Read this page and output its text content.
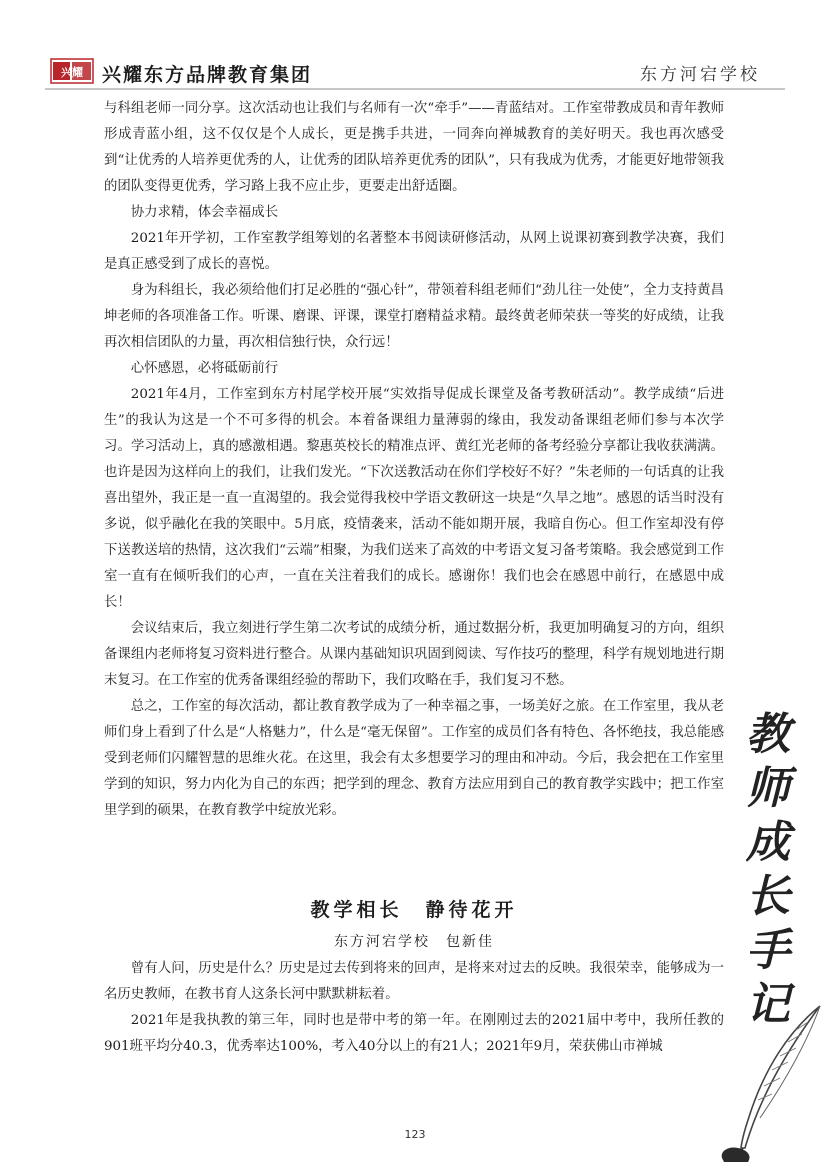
兴耀 兴耀东方品牌教育集团	东方河宕学校

与科组老师一同分享。这次活动也让我们与名师有一次“牵手”——青蓝结对。工作室带教成员和青年教师形成青蓝小组，这不仅仅是个人成长，更是携手共进，一同奔向禅城教育的美好明天。我也再次感受到“让优秀的人培养更优秀的人，让优秀的团队培养更优秀的团队”，只有我成为优秀，才能更好地带领我的团队变得更优秀，学习路上我不应止步，更要走出舒适圈。

协力求精，体会幸福成长

2021年开学初，工作室教学组筹划的名著整本书阅读研修活动，从网上说课初赛到教学决赛，我们是真正感受到了成长的喜悦。

身为科组长，我必须给他们打足必胜的“强心针”，带领着科组老师们“劲儿往一处使”，全力支持黄昌坤老师的各项准备工作。听课、磨课、评课，课堂打磨精益求精。最终黄老师荣获一等奖的好成绩，让我再次相信团队的力量，再次相信独行快，众行远！

心怀感恩，必将砥砺前行

2021年4月，工作室到东方村尾学校开展“实效指导促成长课堂及备考教研活动”。教学成绩“后进生”的我认为这是一个不可多得的机会。本着备课组力量薄弱的缘由，我发动备课组老师们参与本次学习。学习活动上，真的感激相遇。黎惠英校长的精准点评、黄红光老师的备考经验分享都让我收获满满。也许是因为这样向上的我们，让我们发光。“下次送教活动在你们学校好不好？”朱老师的一句话真的让我喜出望外，我正是一直一直渴望的。我会觉得我校中学语文教研这一块是“久旱之地”。感恩的话当时没有多说，似乎融化在我的笑眼中。5月底，疫情袭来，活动不能如期开展，我暗自伤心。但工作室却没有停下送教送培的热情，这次我们“云端”相聚，为我们送来了高效的中考语文复习备考策略。我会感觉到工作室一直有在倾听我们的心声，一直在关注着我们的成长。感谢你！我们也会在感恩中前行，在感恩中成长！

会议结束后，我立刻进行学生第二次考试的成绩分析，通过数据分析，我更加明确复习的方向，组织备课组内老师将复习资料进行整合。从课内基础知识巩固到阅读、写作技巧的整理，科学有规划地进行期末复习。在工作室的优秀备课组经验的帮助下，我们攻略在手，我们复习不愁。

总之，工作室的每次活动，都让教育教学成为了一种幸福之事，一场美好之旅。在工作室里，我从老师们身上看到了什么是“人格魅力”，什么是“毫无保留”。工作室的成员们各有特色、各怀绝技，我总能感受到老师们闪耀智慧的思维火花。在这里，我会有太多想要学习的理由和冲动。今后，我会把在工作室里学到的知识，努力内化为自己的东西；把学到的理念、教育方法应用到自己的教育教学实践中；把工作室里学到的硕果，在教育教学中绽放光彩。

教学相长　静待花开
东方河宕学校　包新佳

曾有人问，历史是什么？历史是过去传到将来的回声，是将来对过去的反映。我很荣幸，能够成为一名历史教师，在教书育人这条长河中默默耕耘着。

2021年是我执教的第三年，同时也是带中考的第一年。在刚刚过去的2021届中考中，我所任教的901班平均分40.3，优秀率达100%，考入40分以上的有21人；2021年9月，荣获佛山市禅城

教
师
成
长
手
记
123
